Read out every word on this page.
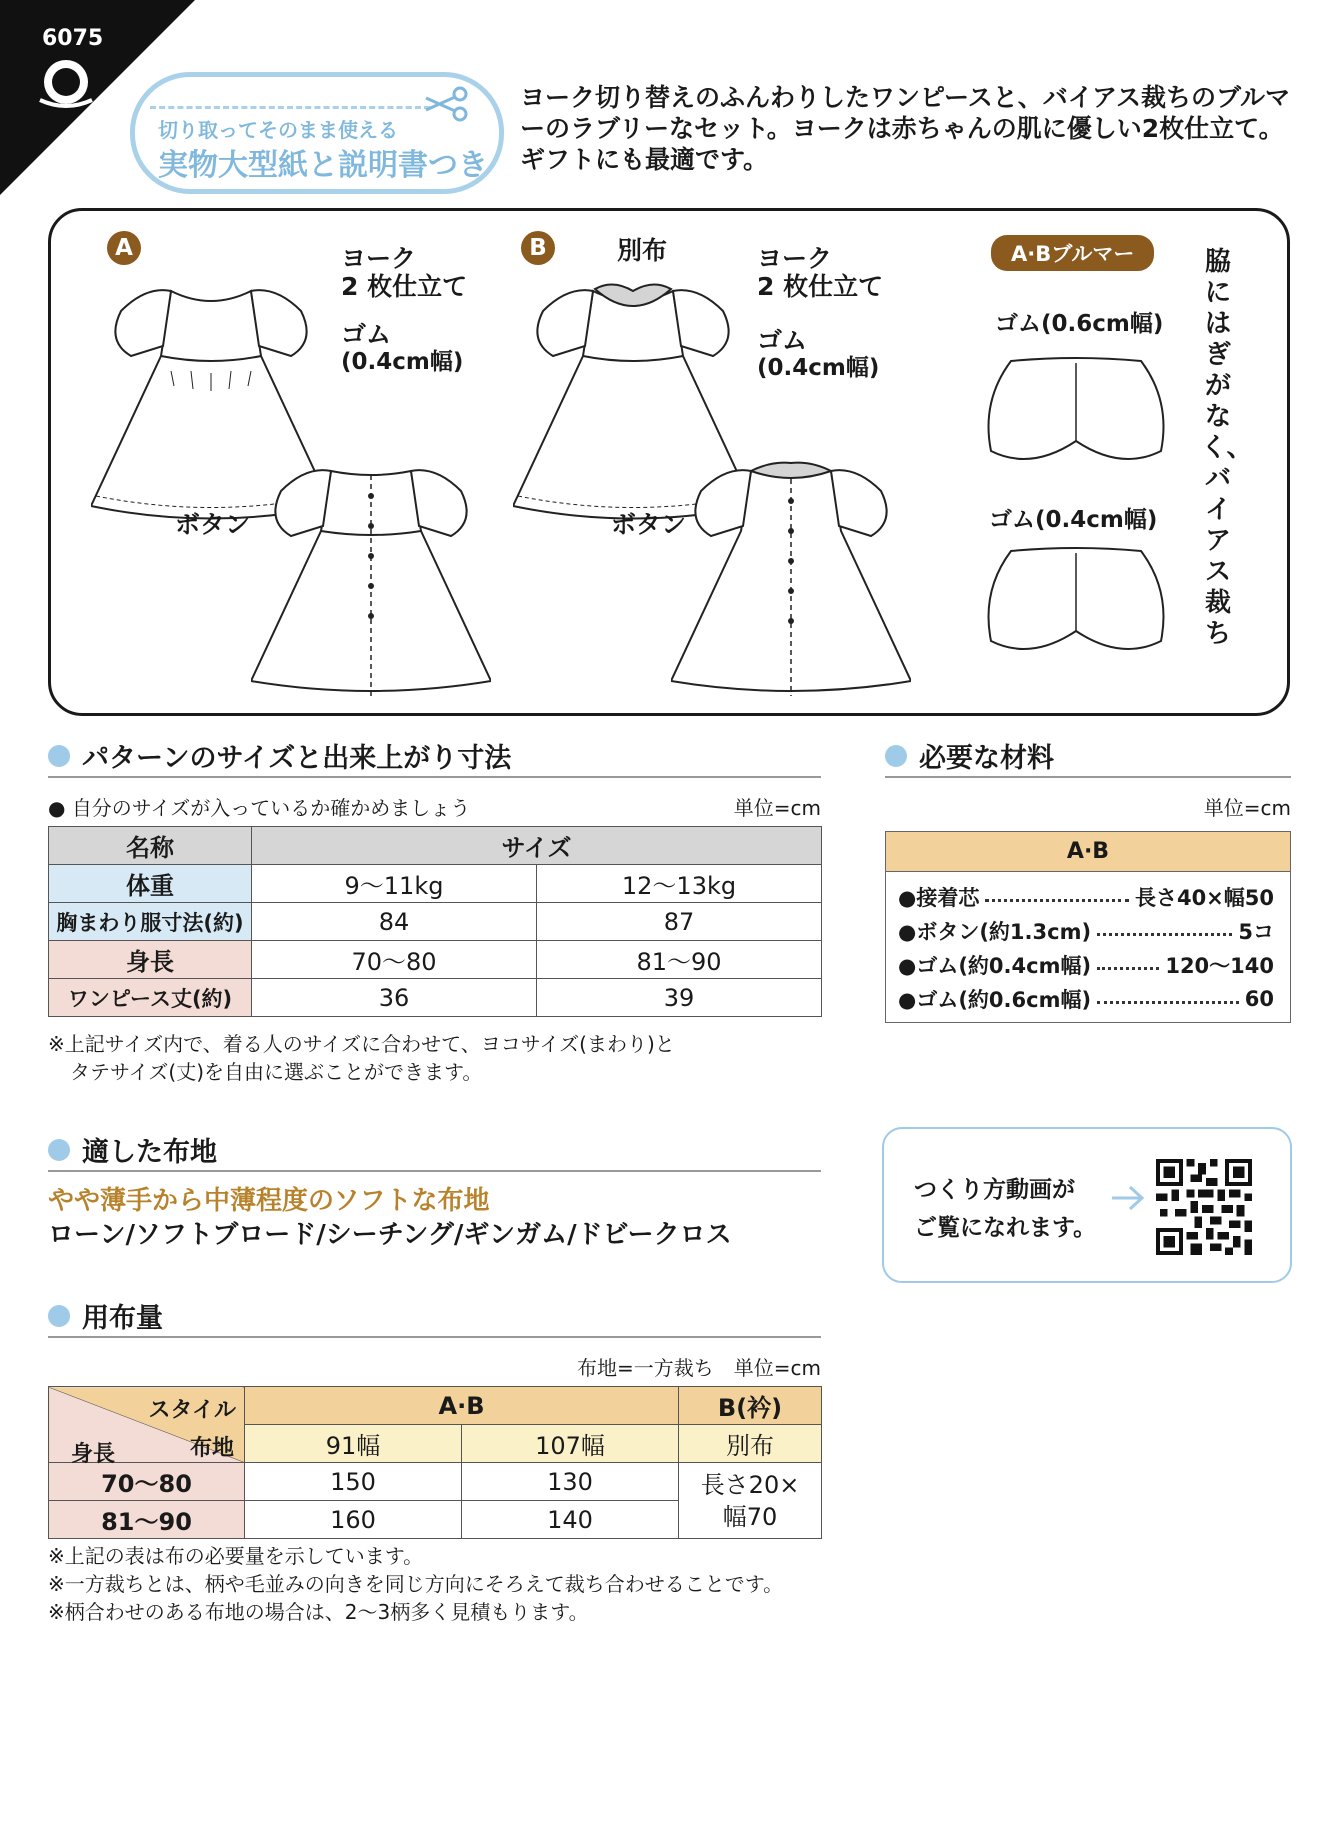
6075
切り取ってそのまま使える
実物大型紙と説明書つき
ヨーク切り替えのふんわりしたワンピースと、バイアス裁ちのブルマーのラブリーなセット。ヨークは赤ちゃんの肌に優しい2枚仕立て。ギフトにも最適です。
A	ヨーク
2 枚仕立て
ゴム
(0.4cm幅)
ボタン
B	別布	ヨーク
2 枚仕立て
ゴム
(0.4cm幅)
ボタン
A·Bブルマー
ゴム(0.6cm幅)
ゴム(0.4cm幅)
脇にはぎがなく、バイアス裁ち
パターンのサイズと出来上がり寸法
● 自分のサイズが入っているか確かめましょう	単位=cm
名称	サイズ	
体重	9〜11kg	12〜13kg
胸まわり服寸法(約)	84	87
身長	70〜80	81〜90
ワンピース丈(約)	36	39
※上記サイズ内で、着る人のサイズに合わせて、ヨコサイズ(まわり)と
タテサイズ(丈)を自由に選ぶことができます。
必要な材料
単位=cm
A·B
●接着芯	長さ40×幅50
●ボタン(約1.3cm)	5コ
●ゴム(約0.4cm幅)	120〜140
●ゴム(約0.6cm幅)	60
つくり方動画が
ご覧になれます。
適した布地
やや薄手から中薄程度のソフトな布地
ローン/ソフトブロード/シーチング/ギンガム/ドビークロス
用布量
布地=一方裁ち　単位=cm
スタイル
布地
身長	A·B		B(衿)
	91幅	107幅	別布
70〜80	150	130	長さ20×
幅70

81〜90	160	140	
※上記の表は布の必要量を示しています。
※一方裁ちとは、柄や毛並みの向きを同じ方向にそろえて裁ち合わせることです。
※柄合わせのある布地の場合は、2〜3柄多く見積もります。
